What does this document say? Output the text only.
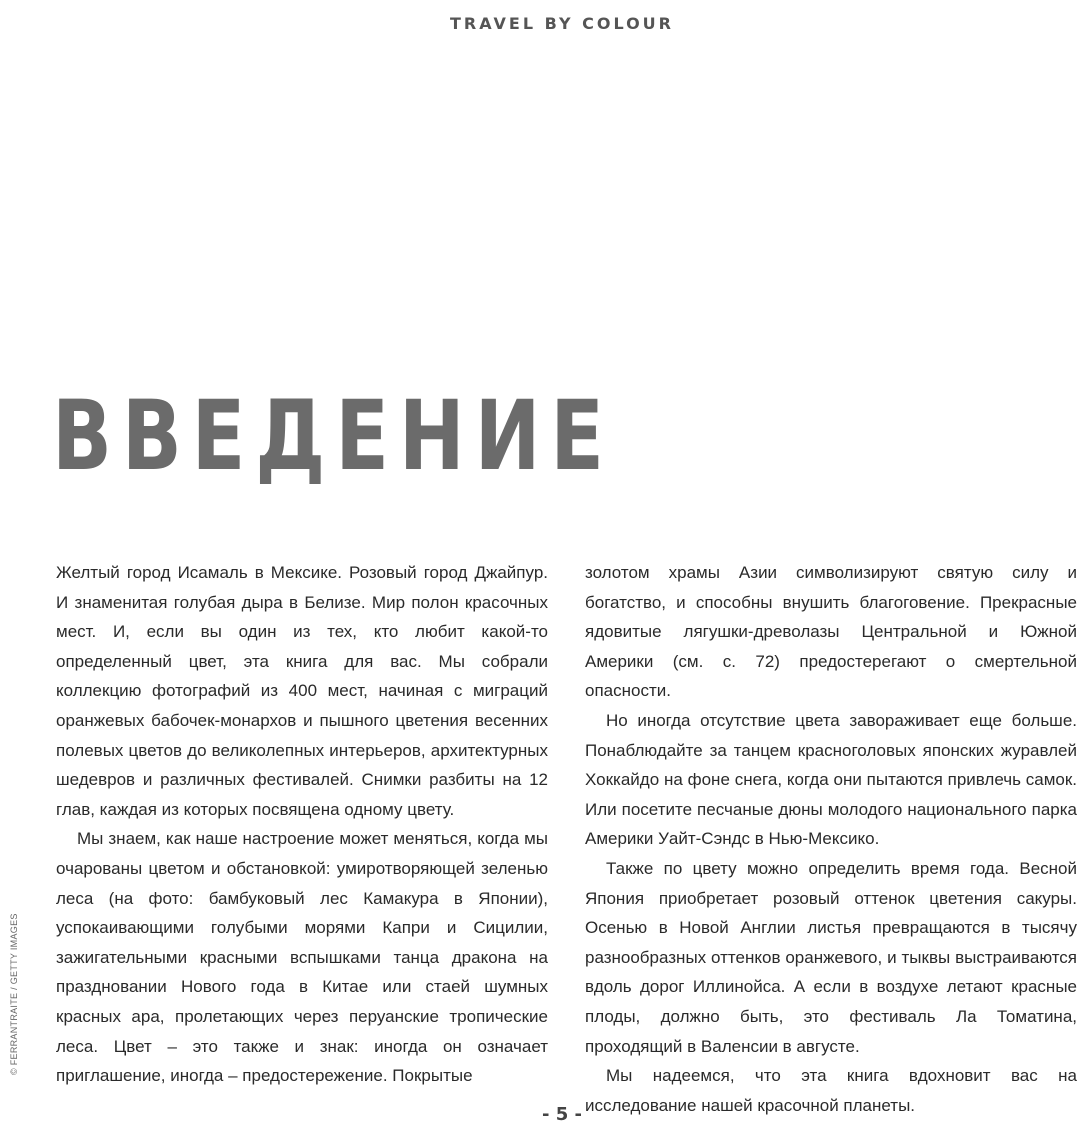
TRAVEL BY COLOUR
ВВЕДЕНИЕ

Желтый город Исамаль в Мексике. Розовый город Джайпур. И знаменитая голубая дыра в Белизе. Мир полон красочных мест. И, если вы один из тех, кто любит какой-то определенный цвет, эта книга для вас. Мы собрали коллекцию фотографий из 400 мест, начиная с миграций оранжевых бабочек-монархов и пышного цветения весенних полевых цветов до великолепных интерьеров, архитектурных шедевров и различных фестивалей. Снимки разбиты на 12 глав, каждая из которых посвящена одному цвету.

Мы знаем, как наше настроение может меняться, когда мы очарованы цветом и обстановкой: умиротворяющей зеленью леса (на фото: бамбуковый лес Камакура в Японии), успокаивающими голубыми морями Капри и Сицилии, зажигательными красными вспышками танца дракона на праздновании Нового года в Китае или стаей шумных красных ара, пролетающих через перуанские тропические леса. Цвет – это также и знак: иногда он означает приглашение, иногда – предостережение. Покрытые

золотом храмы Азии символизируют святую силу и богатство, и способны внушить благоговение. Прекрасные ядовитые лягушки-древолазы Центральной и Южной Америки (см. с. 72) предостерегают о смертельной опасности.

Но иногда отсутствие цвета завораживает еще больше. Понаблюдайте за танцем красноголовых японских журавлей Хоккайдо на фоне снега, когда они пытаются привлечь самок. Или посетите песчаные дюны молодого национального парка Америки Уайт-Сэндс в Нью-Мексико.

Также по цвету можно определить время года. Весной Япония приобретает розовый оттенок цветения сакуры. Осенью в Новой Англии листья превращаются в тысячу разнообразных оттенков оранжевого, и тыквы выстраиваются вдоль дорог Иллинойса. А если в воздухе летают красные плоды, должно быть, это фестиваль Ла Томатина, проходящий в Валенсии в августе.

Мы надеемся, что эта книга вдохновит вас на исследование нашей красочной планеты.

© FERRANTRAITE / GETTY IMAGES
- 5 -
